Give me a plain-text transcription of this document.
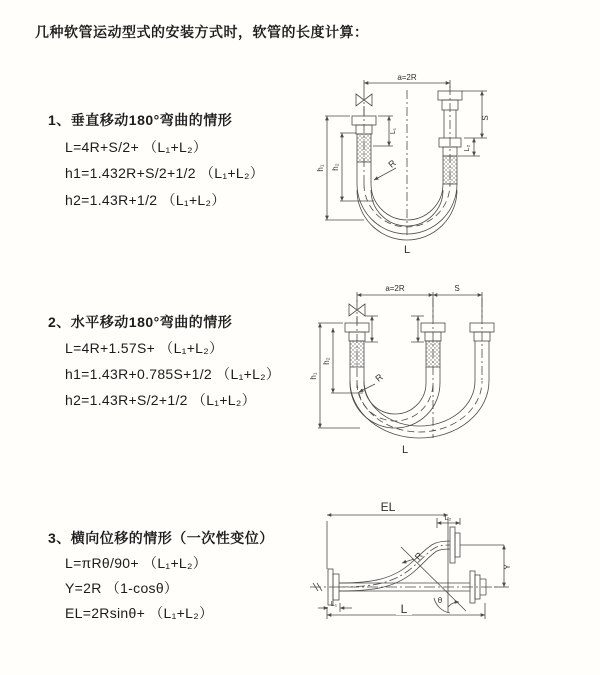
几种软管运动型式的安装方式时，软管的长度计算：
1、垂直移动180°弯曲的情形
L=4R+S/2+ （L₁+L₂）
h1=1.432R+S/2+1/2 （L₁+L₂）
h2=1.43R+1/2 （L₁+L₂）
a=2R
S
L₂
L₁
h₁ h₂	R
L
2、水平移动180°弯曲的情形
L=4R+1.57S+ （L₁+L₂）
h1=1.43R+0.785S+1/2 （L₁+L₂）
h2=1.43R+S/2+1/2 （L₁+L₂）
a=2R	S
h₁
h₂
R
L
3、横向位移的情形（一次性变位）
L=πRθ/90+ （L₁+L₂）
Y=2R （1-cosθ）
EL=2Rsinθ+ （L₁+L₂）
EL
L₂
Y
L₁	L
R
θ
